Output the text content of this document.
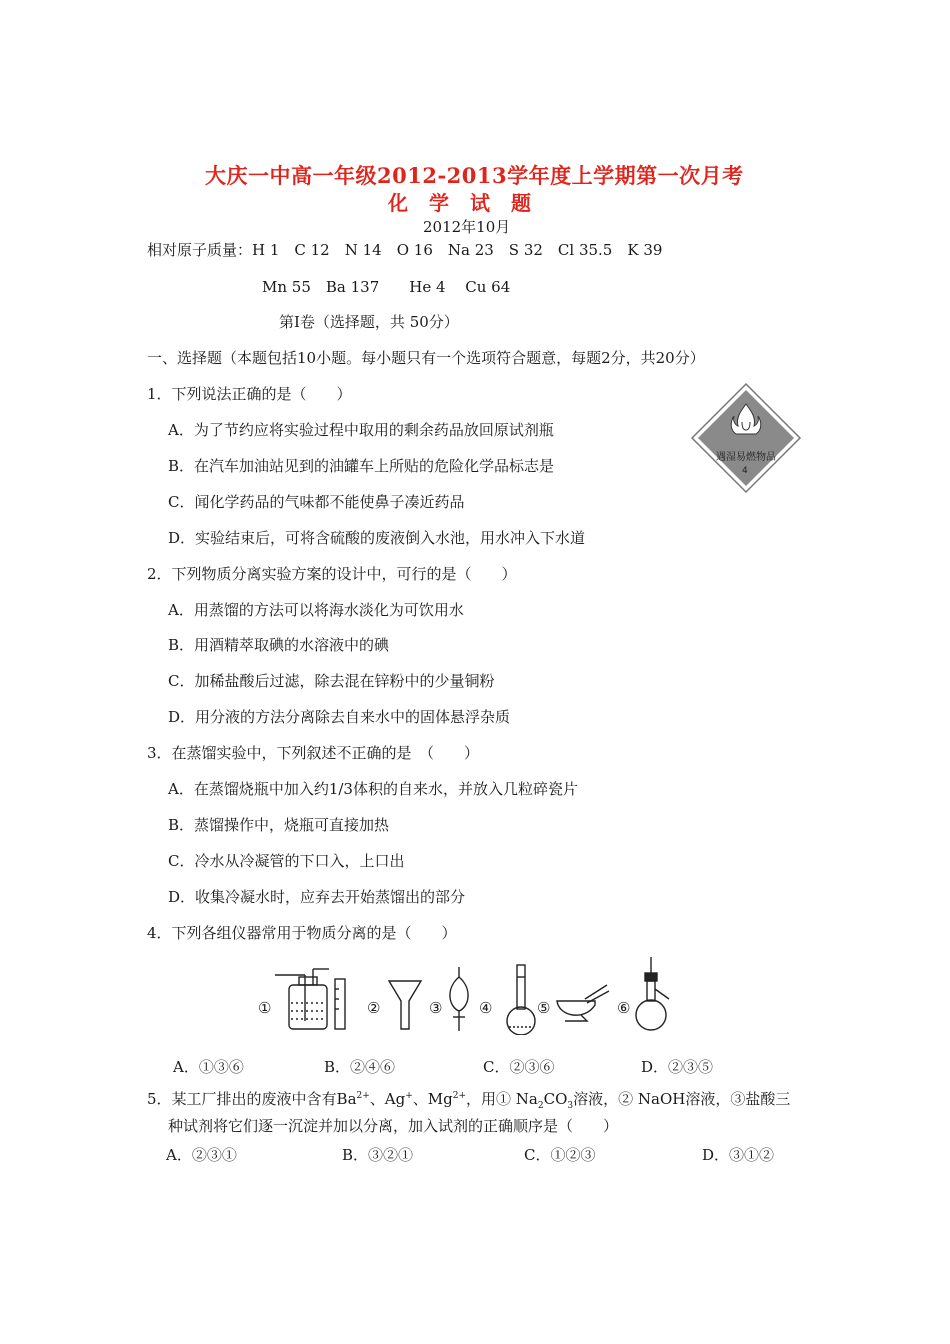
大庆一中高一年级2012-2013学年度上学期第一次月考
化　学　试　题
2012年10月
相对原子质量：H 1　C 12　N 14　O 16　Na 23　S 32　Cl 35.5　K 39
Mn 55　Ba 137　　He 4　 Cu 64
第Ⅰ卷（选择题，共 50分）
一、选择题（本题包括10小题。每小题只有一个选项符合题意，每题2分，共20分）
1．下列说法正确的是（　　）
A．为了节约应将实验过程中取用的剩余药品放回原试剂瓶
B．在汽车加油站见到的油罐车上所贴的危险化学品标志是
C．闻化学药品的气味都不能使鼻子凑近药品
D．实验结束后，可将含硫酸的废液倒入水池，用水冲入下水道
遇湿易燃物品
4
2．下列物质分离实验方案的设计中，可行的是（　　）
A．用蒸馏的方法可以将海水淡化为可饮用水
B．用酒精萃取碘的水溶液中的碘
C．加稀盐酸后过滤，除去混在锌粉中的少量铜粉
D．用分液的方法分离除去自来水中的固体悬浮杂质
3．在蒸馏实验中，下列叙述不正确的是　（　　）
A．在蒸馏烧瓶中加入约1/3体积的自来水，并放入几粒碎瓷片
B．蒸馏操作中，烧瓶可直接加热
C．冷水从冷凝管的下口入，上口出
D．收集冷凝水时，应弃去开始蒸馏出的部分
4．下列各组仪器常用于物质分离的是（　　）
①	②	③ ④	⑤	⑥
A．①③⑥	B．②④⑥	C．②③⑥	D．②③⑤
5．某工厂排出的废液中含有$Ba^{2+}$、Ag+、$Mg^{2+}$，用① $Na_2CO_3$溶液，② NaOH溶液，③盐酸三
种试剂将它们逐一沉淀并加以分离，加入试剂的正确顺序是（　　）
A．②③①	B．③②①	C．①②③	D．③①②
